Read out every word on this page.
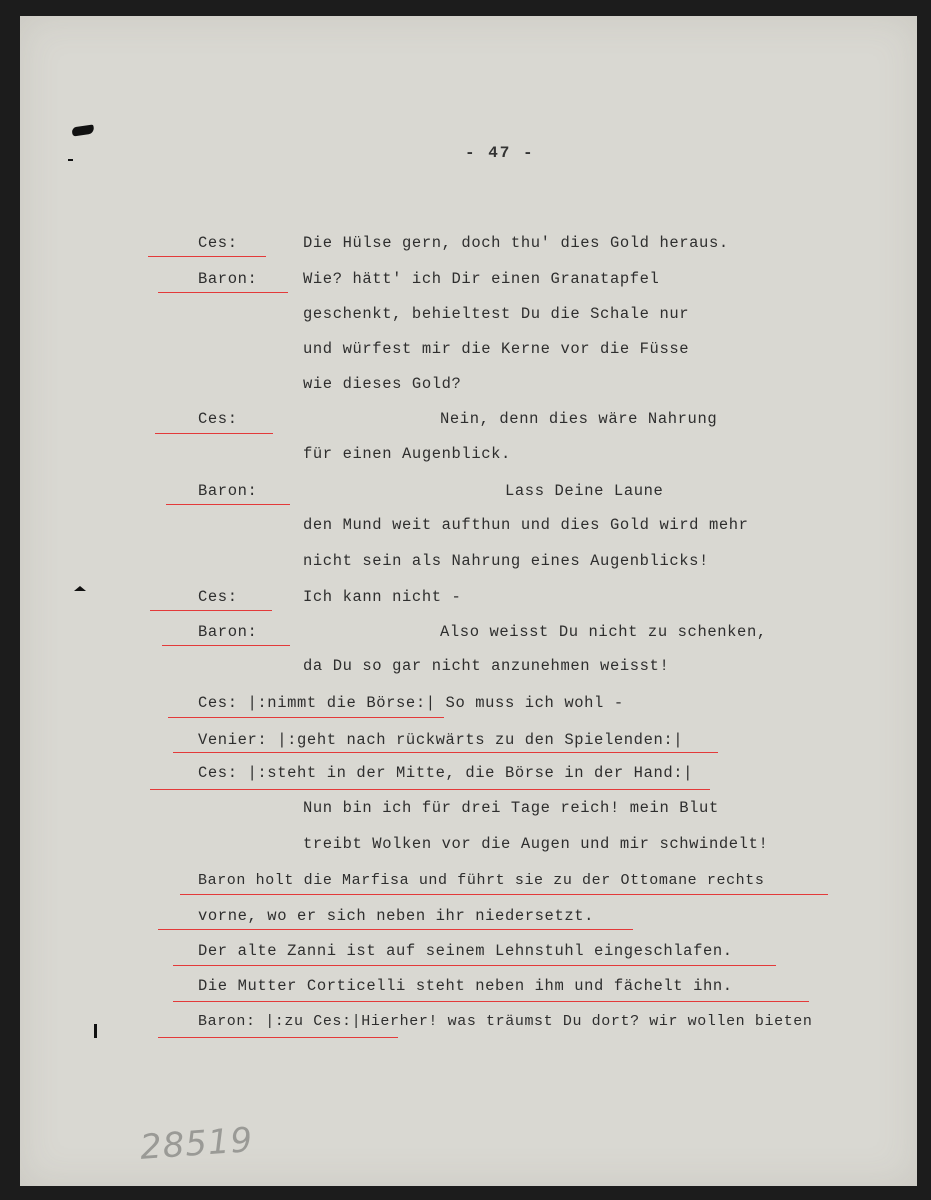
- 47 -
Ces:	Die Hülse gern, doch thu' dies Gold heraus.
Baron:	Wie? hätt' ich Dir einen Granatapfel
geschenkt, behieltest Du die Schale nur
und würfest mir die Kerne vor die Füsse
wie dieses Gold?
Ces:	Nein, denn dies wäre Nahrung
für einen Augenblick.
Baron:	Lass Deine Laune
den Mund weit aufthun und dies Gold wird mehr
nicht sein als Nahrung eines Augenblicks!
Ces:	Ich kann nicht -
Baron:	Also weisst Du nicht zu schenken,
da Du so gar nicht anzunehmen weisst!
Ces: |:nimmt die Börse:| So muss ich wohl -
Venier: |:geht nach rückwärts zu den Spielenden:|
Ces: |:steht in der Mitte, die Börse in der Hand:|
Nun bin ich für drei Tage reich! mein Blut
treibt Wolken vor die Augen und mir schwindelt!
Baron holt die Marfisa und führt sie zu der Ottomane rechts
vorne, wo er sich neben ihr niedersetzt.
Der alte Zanni ist auf seinem Lehnstuhl eingeschlafen.
Die Mutter Corticelli steht neben ihm und fächelt ihn.
Baron: |:zu Ces:|Hierher! was träumst Du dort? wir wollen bieten
28519
